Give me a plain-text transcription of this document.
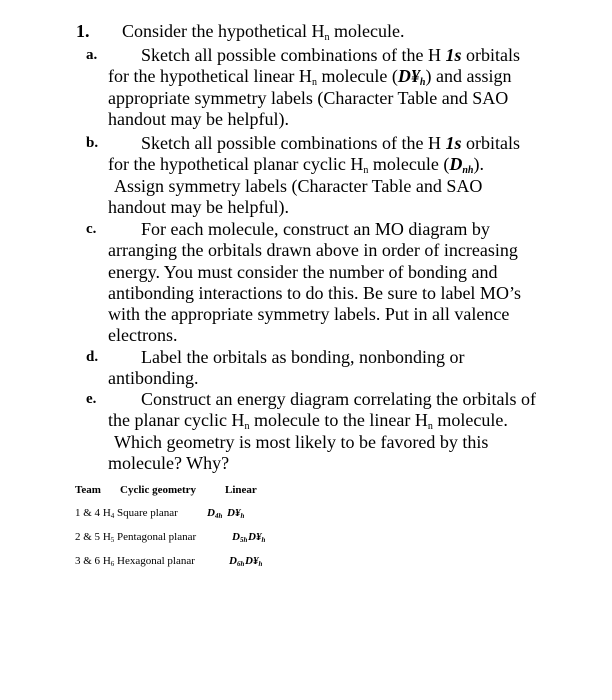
1. Consider the hypothetical $H_n$ molecule.
a.	Sketch all possible combinations of the H 1s orbitals
for the hypothetical linear $H_n$ molecule $(D¥_h)$ and assign
appropriate symmetry labels (Character Table and SAO
handout may be helpful).
b.	Sketch all possible combinations of the H 1s orbitals
for the hypothetical planar cyclic $H_n$ molecule $(D_{nh})$.
Assign symmetry labels (Character Table and SAO
handout may be helpful).
c.	For each molecule, construct an MO diagram by
arranging the orbitals drawn above in order of increasing
energy. You must consider the number of bonding and
antibonding interactions to do this. Be sure to label MO’s
with the appropriate symmetry labels. Put in all valence
electrons.
d.	Label the orbitals as bonding, nonbonding or
antibonding.
e.	Construct an energy diagram correlating the orbitals of
the planar cyclic $H_n$ molecule to the linear $H_n$ molecule.
Which geometry is most likely to be favored by this
molecule? Why?
Team Cyclic geometry	Linear
1 & 4 $H_4$ Square planar	$D_{4h}$ $D¥_h$
2 & 5 $H_5$ Pentagonal planar	$D_{5h}$ $D¥_h$
3 & 6 $H_6$ Hexagonal planar	$D_{6h}$ $D¥_h$
